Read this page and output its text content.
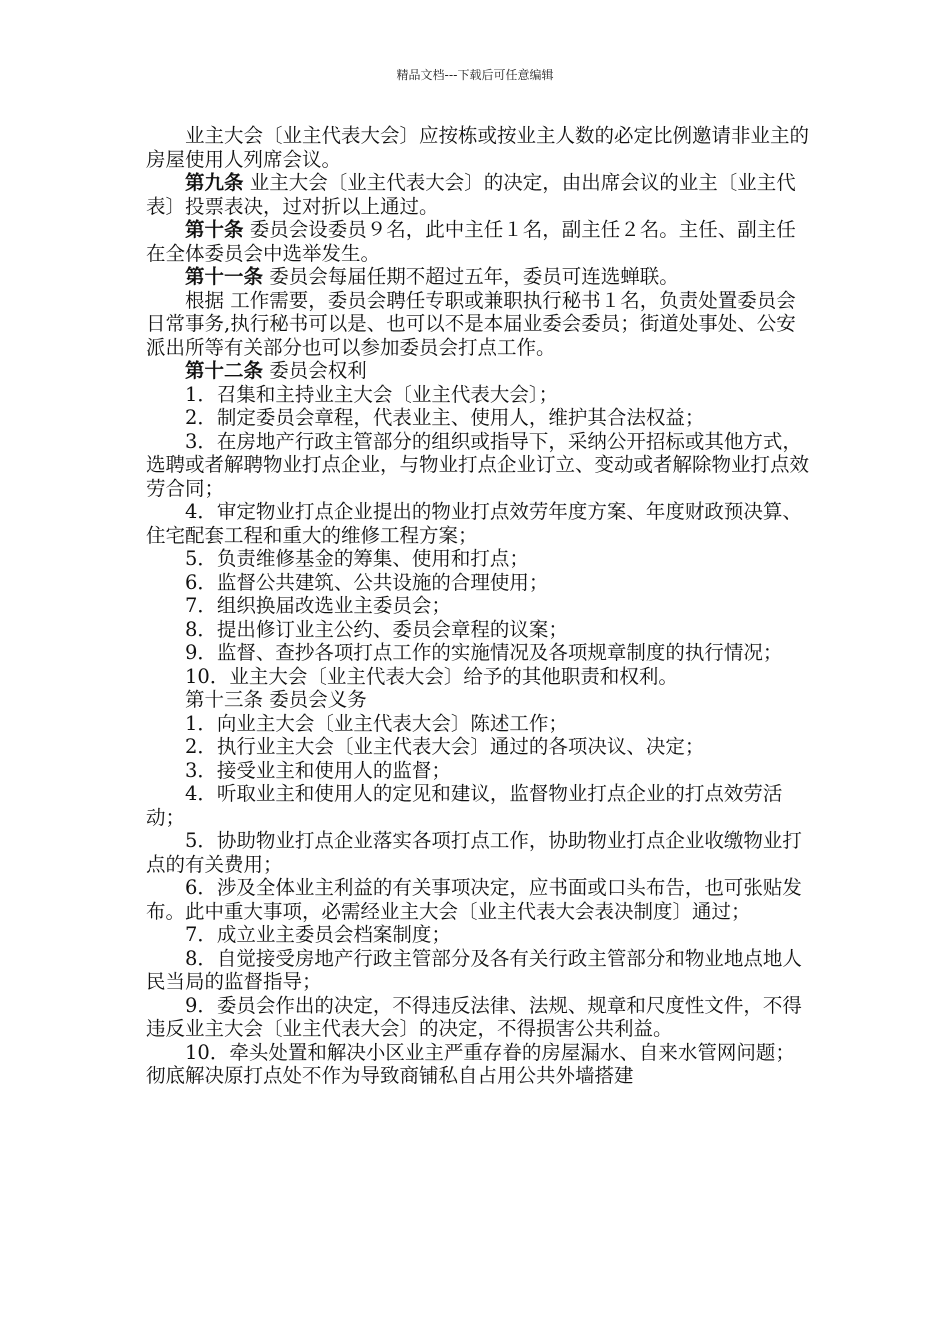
精品文档---下载后可任意编辑

业主大会〔业主代表大会〕应按栋或按业主人数的必定比例邀请非业主的房屋使用人列席会议。

第九条 业主大会〔业主代表大会〕的决定，由出席会议的业主〔业主代表〕投票表决，过对折以上通过。

第十条 委员会设委员９名，此中主任１名，副主任２名。主任、副主任在全体委员会中选举发生。

第十一条 委员会每届任期不超过五年，委员可连选蝉联。

根据 工作需要，委员会聘任专职或兼职执行秘书１名，负责处置委员会日常事务,执行秘书可以是、也可以不是本届业委会委员；街道处事处、公安派出所等有关部分也可以参加委员会打点工作。

第十二条 委员会权利

1．召集和主持业主大会〔业主代表大会〕；

2．制定委员会章程，代表业主、使用人，维护其合法权益；

3．在房地产行政主管部分的组织或指导下，采纳公开招标或其他方式，选聘或者解聘物业打点企业，与物业打点企业订立、变动或者解除物业打点效劳合同；

4．审定物业打点企业提出的物业打点效劳年度方案、年度财政预决算、住宅配套工程和重大的维修工程方案；

5．负责维修基金的筹集、使用和打点；

6．监督公共建筑、公共设施的合理使用；

7．组织换届改选业主委员会；

8．提出修订业主公约、委员会章程的议案；

9．监督、查抄各项打点工作的实施情况及各项规章制度的执行情况；

10．业主大会〔业主代表大会〕给予的其他职责和权利。

第十三条 委员会义务

1．向业主大会〔业主代表大会〕陈述工作；

2．执行业主大会〔业主代表大会〕通过的各项决议、决定；

3．接受业主和使用人的监督；

4．听取业主和使用人的定见和建议，监督物业打点企业的打点效劳活动；

5．协助物业打点企业落实各项打点工作，协助物业打点企业收缴物业打点的有关费用；

6．涉及全体业主利益的有关事项决定，应书面或口头布告，也可张贴发布。此中重大事项，必需经业主大会〔业主代表大会表决制度〕通过；

7．成立业主委员会档案制度；

8．自觉接受房地产行政主管部分及各有关行政主管部分和物业地点地人民当局的监督指导；

9．委员会作出的决定，不得违反法律、法规、规章和尺度性文件，不得违反业主大会〔业主代表大会〕的决定，不得损害公共利益。

10．牵头处置和解决小区业主严重存眷的房屋漏水、自来水管网问题；彻底解决原打点处不作为导致商铺私自占用公共外墙搭建
